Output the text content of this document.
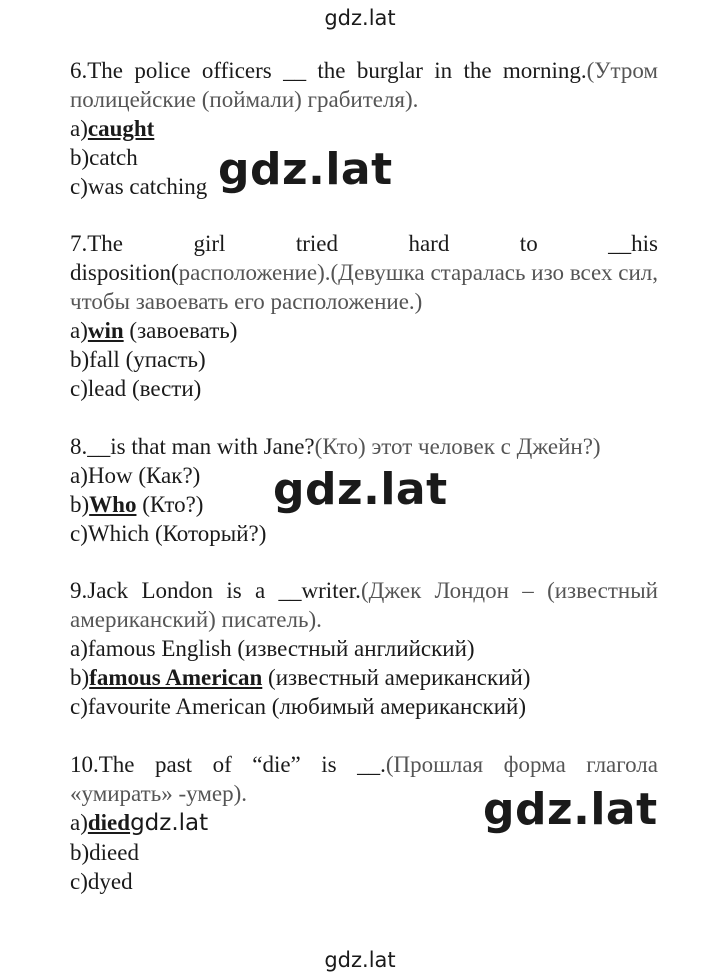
gdz.lat

6.The police officers __ the burglar in the morning.(Утром полицейские (поймали) грабителя).

a)caught

b)catch

c)was catching gdz.lat

7.The girl tried hard to __his

disposition(расположение).(Девушка старалась изо всех сил, чтобы завоевать его расположение.)

a)win (завоевать)

b)fall (упасть)

c)lead (вести)

8.__is that man with Jane?(Кто) этот человек с Джейн?)

a)How (Как?)

b)Who (Кто?)

c)Which (Который?)

gdz.lat

9.Jack London is a __writer.(Джек Лондон – (известный американский) писатель).

a)famous English (известный английский)

b)famous American (известный американский)

c)favourite American (любимый американский)

10.The past of “die” is __.(Прошлая форма глагола «умирать» -умер).

a)diedgdz.lat

b)dieed

c)dyed

gdz.lat
gdz.lat
